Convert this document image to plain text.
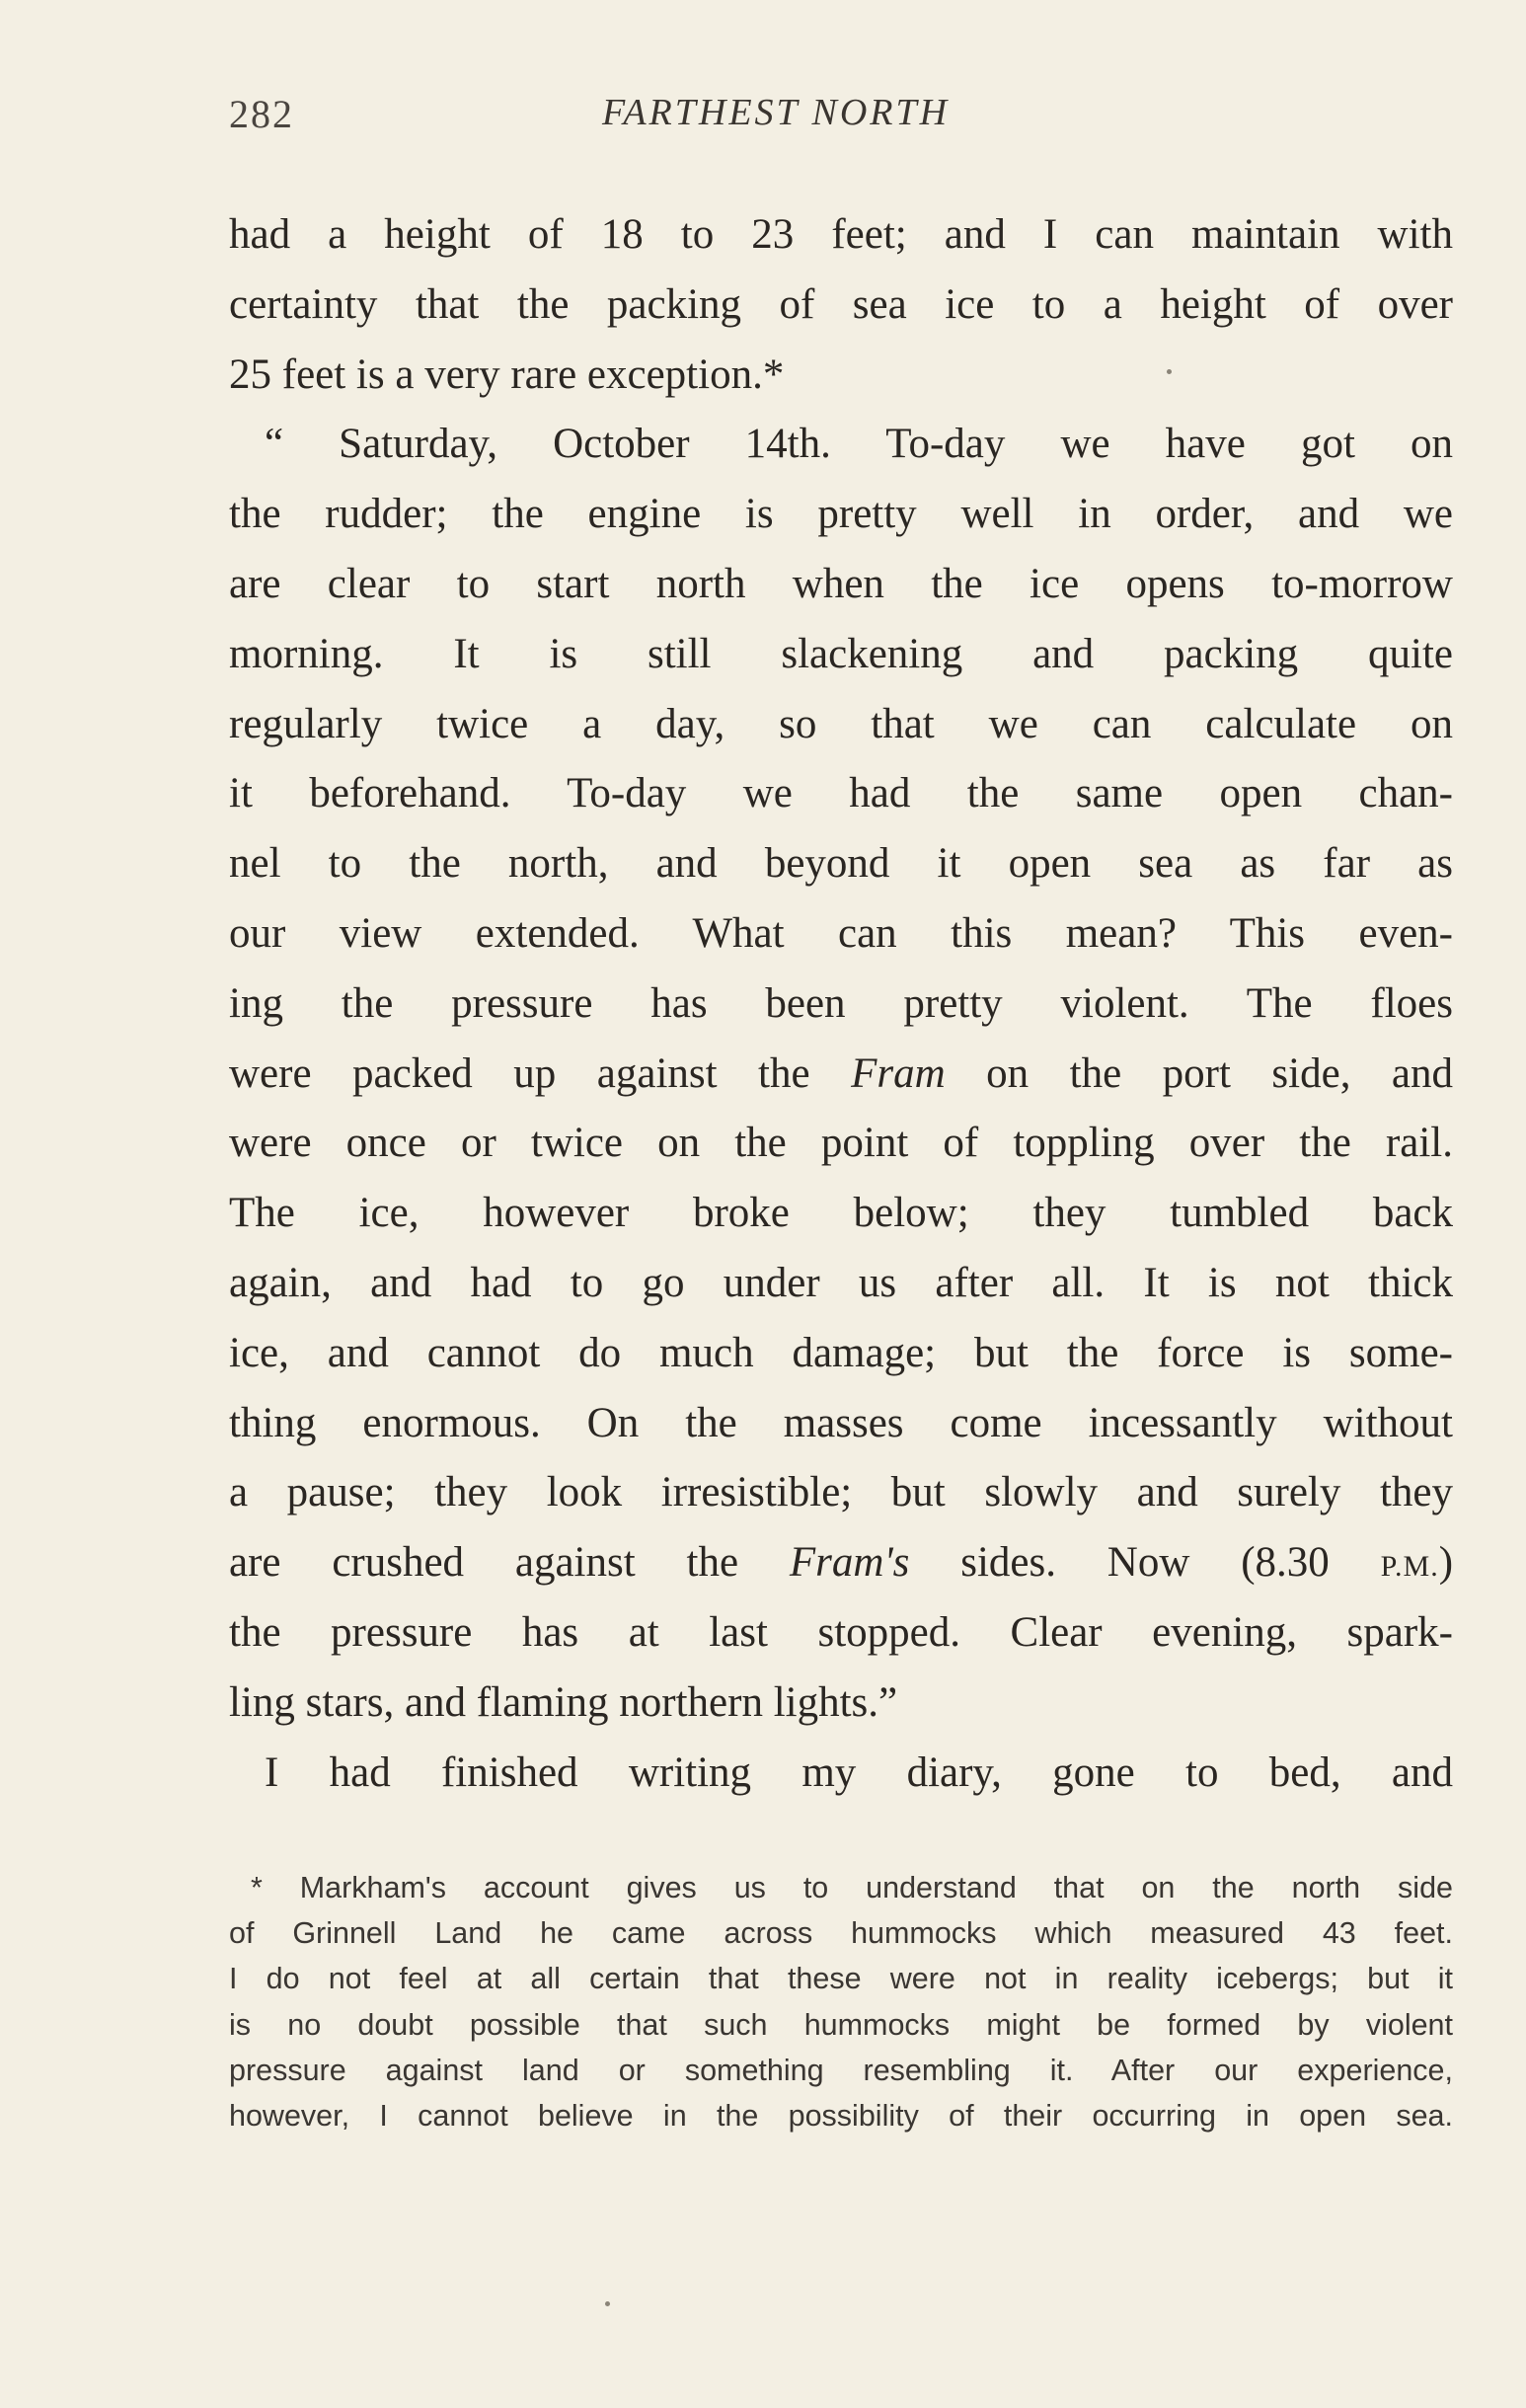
282	FARTHEST NORTH
had a height of 18 to 23 feet; and I can maintain with
certainty that the packing of sea ice to a height of over
25 feet is a very rare exception.*
“ Saturday, October 14th. To-day we have got on
the rudder; the engine is pretty well in order, and we
are clear to start north when the ice opens to-morrow
morning. It is still slackening and packing quite
regularly twice a day, so that we can calculate on
it beforehand. To-day we had the same open chan-
nel to the north, and beyond it open sea as far as
our view extended. What can this mean? This even-
ing the pressure has been pretty violent. The floes
were packed up against the Fram on the port side, and
were once or twice on the point of toppling over the rail.
The ice, however broke below; they tumbled back
again, and had to go under us after all. It is not thick
ice, and cannot do much damage; but the force is some-
thing enormous. On the masses come incessantly without
a pause; they look irresistible; but slowly and surely they
are crushed against the Fram's sides. Now (8.30 P.M.)
the pressure has at last stopped. Clear evening, spark-
ling stars, and flaming northern lights.”
I had finished writing my diary, gone to bed, and
* Markham's account gives us to understand that on the north side
of Grinnell Land he came across hummocks which measured 43 feet.
I do not feel at all certain that these were not in reality icebergs; but it
is no doubt possible that such hummocks might be formed by violent
pressure against land or something resembling it. After our experience,
however, I cannot believe in the possibility of their occurring in open sea.
